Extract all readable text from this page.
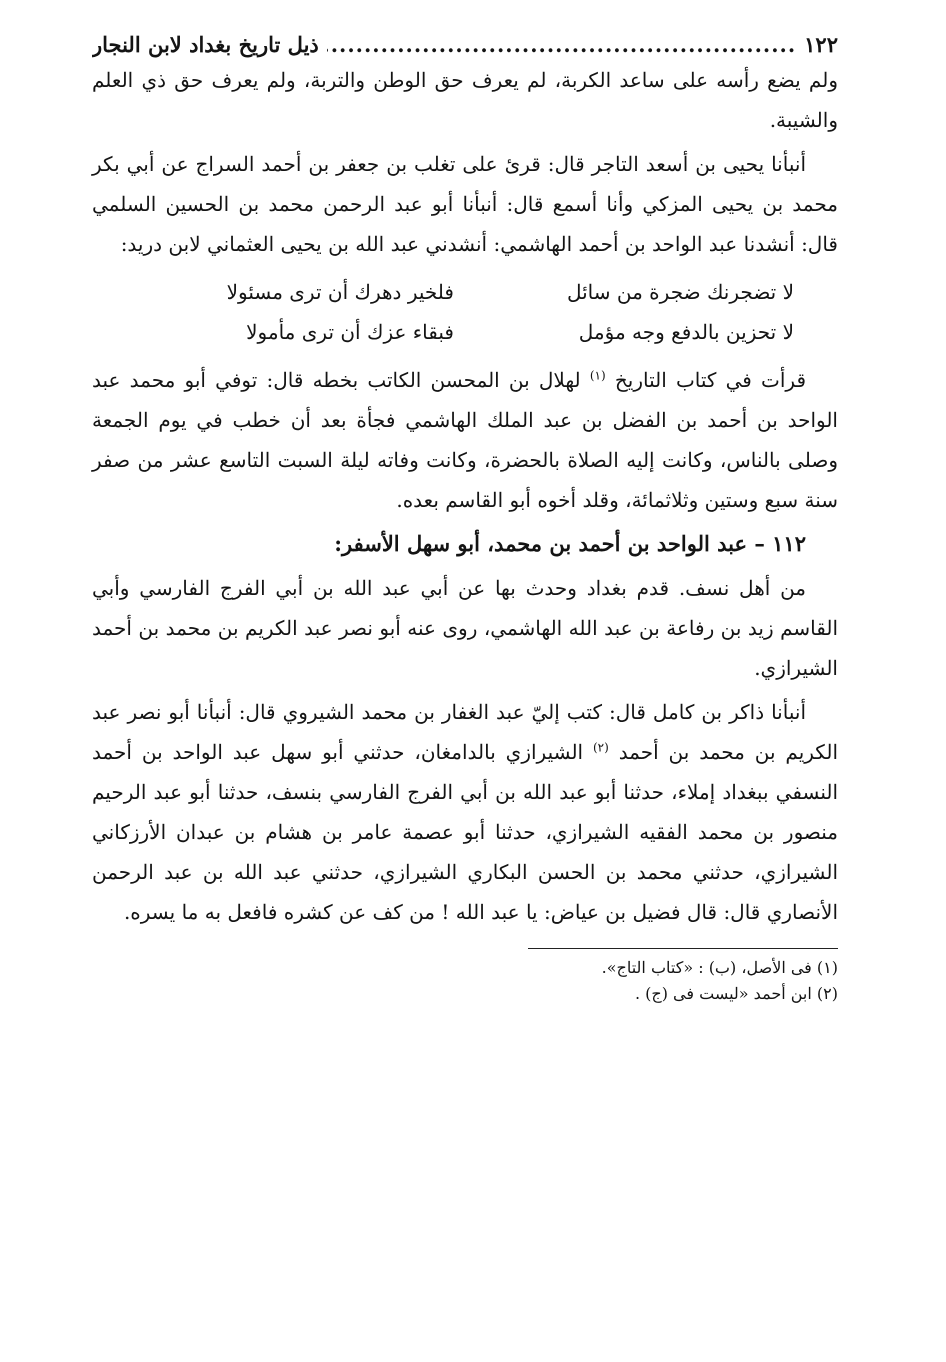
١٢٢
.....
ذيل تاريخ بغداد لابن النجار

ولم يضع رأسه على ساعد الكربة، لم يعرف حق الوطن والتربة، ولم يعرف حق ذي العلم والشيبة.

أنبأنا يحيى بن أسعد التاجر قال: قرئ على تغلب بن جعفر بن أحمد السراج عن أبي بكر محمد بن يحيى المزكي وأنا أسمع قال: أنبأنا أبو عبد الرحمن محمد بن الحسين السلمي قال: أنشدنا عبد الواحد بن أحمد الهاشمي: أنشدني عبد الله بن يحيى العثماني لابن دريد:

لا تضجرنك ضجرة من سائل
فلخير دهرك أن ترى مسئولا
لا تحزين بالدفع وجه مؤمل
فبقاء عزك أن ترى مأمولا

قرأت في كتاب التاريخ $^{(١)}$ لهلال بن المحسن الكاتب بخطه قال: توفي أبو محمد عبد الواحد بن أحمد بن الفضل بن عبد الملك الهاشمي فجأة بعد أن خطب في يوم الجمعة وصلى بالناس، وكانت إليه الصلاة بالحضرة، وكانت وفاته ليلة السبت التاسع عشر من صفر سنة سبع وستين وثلاثمائة، وقلد أخوه أبو القاسم بعده.

١١٢ – عبد الواحد بن أحمد بن محمد، أبو سهل الأسفر:

من أهل نسف. قدم بغداد وحدث بها عن أبي عبد الله بن أبي الفرج الفارسي وأبي القاسم زيد بن رفاعة بن عبد الله الهاشمي، روى عنه أبو نصر عبد الكريم بن محمد بن أحمد الشيرازي.

أنبأنا ذاكر بن كامل قال: كتب إليّ عبد الغفار بن محمد الشيروي قال: أنبأنا أبو نصر عبد الكريم بن محمد بن أحمد $^{(٢)}$ الشيرازي بالدامغان، حدثني أبو سهل عبد الواحد بن أحمد النسفي ببغداد إملاء، حدثنا أبو عبد الله بن أبي الفرج الفارسي بنسف، حدثنا أبو عبد الرحيم منصور بن محمد الفقيه الشيرازي، حدثنا أبو عصمة عامر بن هشام بن عبدان الأرزكاني الشيرازي، حدثني محمد بن الحسن البكاري الشيرازي، حدثني عبد الله بن عبد الرحمن الأنصاري قال: قال فضيل بن عياض: يا عبد الله ! من كف عن كشره فافعل به ما يسره.

(١) فى الأصل، (ب) : «كتاب التاج».
(٢) ابن أحمد «ليست فى (ج) .
